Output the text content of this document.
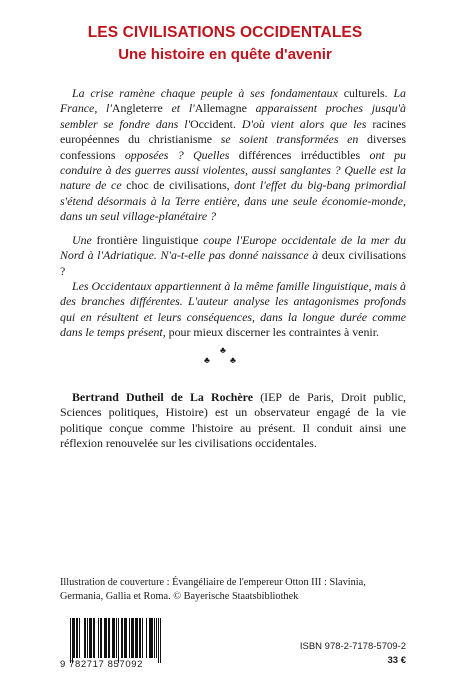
LES CIVILISATIONS OCCIDENTALES
Une histoire en quête d'avenir

La crise ramène chaque peuple à ses fondamentaux culturels. La France, l'Angleterre et l'Allemagne apparaissent proches jusqu'à sembler se fondre dans l'Occident. D'où vient alors que les racines européennes du christianisme se soient transformées en diverses confessions opposées ? Quelles différences irréductibles ont pu conduire à des guerres aussi violentes, aussi sanglantes ? Quelle est la nature de ce choc de civilisations, dont l'effet du big-bang primordial s'étend désormais à la Terre entière, dans une seule économie-monde, dans un seul village-planétaire ?

Une frontière linguistique coupe l'Europe occidentale de la mer du Nord à l'Adriatique. N'a-t-elle pas donné naissance à deux civilisations ?

Les Occidentaux appartiennent à la même famille linguistique, mais à des branches différentes. L'auteur analyse les antagonismes profonds qui en résultent et leurs conséquences, dans la longue durée comme dans le temps présent, pour mieux discerner les contraintes à venir.

♣
♣ ♣

Bertrand Dutheil de La Rochère (IEP de Paris, Droit public, Sciences politiques, Histoire) est un observateur engagé de la vie politique conçue comme l'histoire au présent. Il conduit ainsi une réflexion renouvelée sur les civilisations occidentales.

Illustration de couverture : Évangéliaire de l'empereur Otton III : Slavinia, Germania, Gallia et Roma. © Bayerische Staatsbibliothek

9 782717 857092
ISBN 978-2-7178-5709-2
33 €
